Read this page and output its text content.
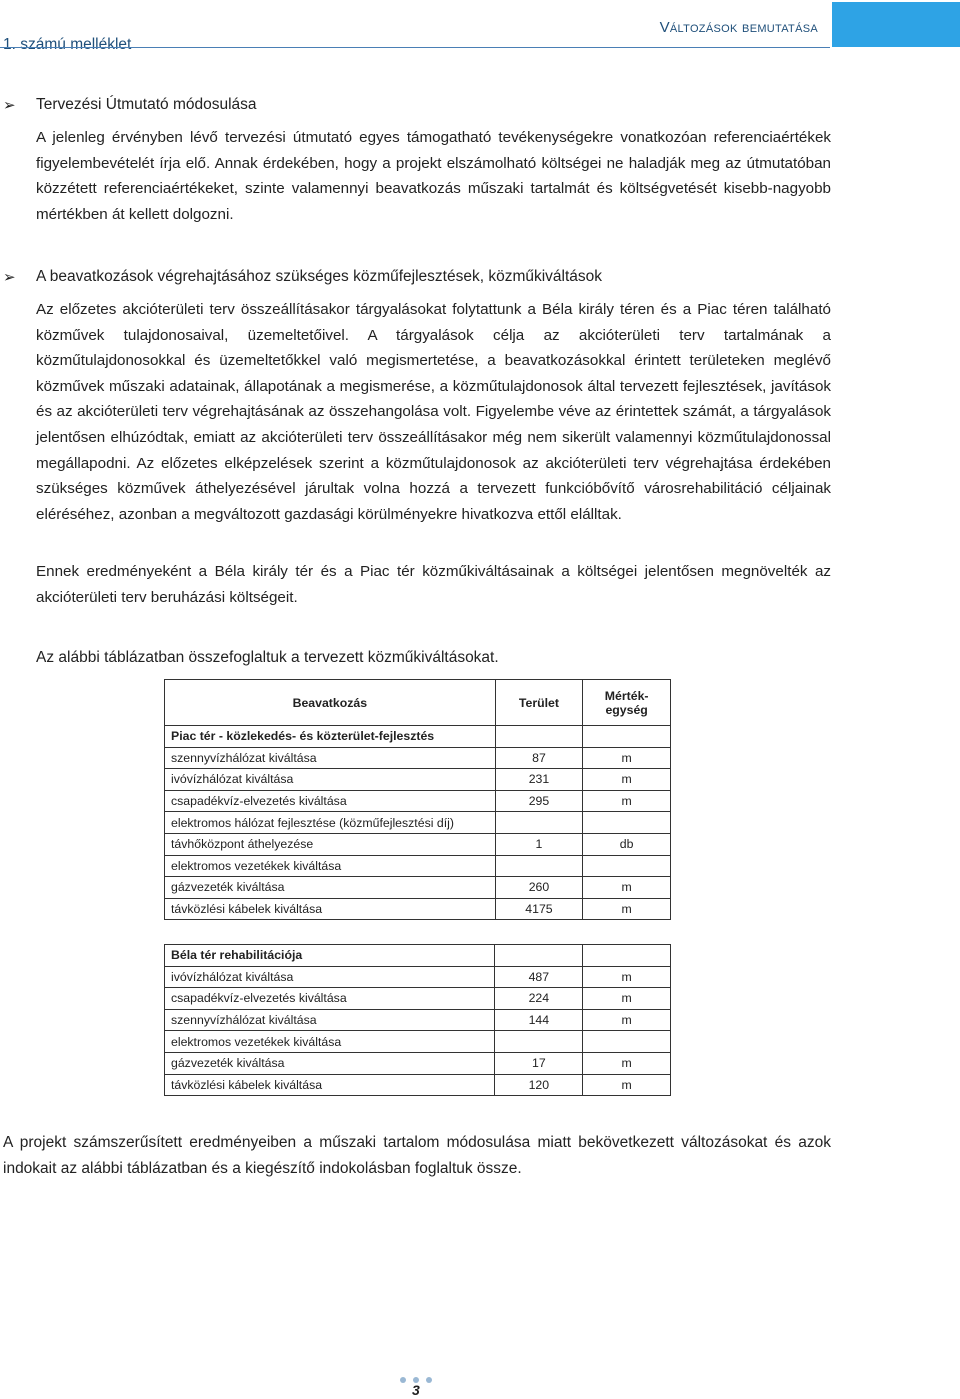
1. számú melléklet
Változások bemutatása
➢ Tervezési Útmutató módosulása

A jelenleg érvényben lévő tervezési útmutató egyes támogatható tevékenységekre vonatkozóan referenciaértékek figyelembevételét írja elő. Annak érdekében, hogy a projekt elszámolható költségei ne haladják meg az útmutatóban közzétett referenciaértékeket, szinte valamennyi beavatkozás műszaki tartalmát és költségvetését kisebb-nagyobb mértékben át kellett dolgozni.

➢ A beavatkozások végrehajtásához szükséges közműfejlesztések, közműkiváltások

Az előzetes akcióterületi terv összeállításakor tárgyalásokat folytattunk a Béla király téren és a Piac téren található közművek tulajdonosaival, üzemeltetőivel. A tárgyalások célja az akcióterületi terv tartalmának a közműtulajdonosokkal és üzemeltetőkkel való megismertetése, a beavatkozásokkal érintett területeken meglévő közművek műszaki adatainak, állapotának a megismerése, a közműtulajdonosok által tervezett fejlesztések, javítások és az akcióterületi terv végrehajtásának az összehangolása volt. Figyelembe véve az érintettek számát, a tárgyalások jelentősen elhúzódtak, emiatt az akcióterületi terv összeállításakor még nem sikerült valamennyi közműtulajdonossal megállapodni. Az előzetes elképzelések szerint a közműtulajdonosok az akcióterületi terv végrehajtása érdekében szükséges közművek áthelyezésével járultak volna hozzá a tervezett funkcióbővítő városrehabilitáció céljainak eléréséhez, azonban a megváltozott gazdasági körülményekre hivatkozva ettől elálltak.

Ennek eredményeként a Béla király tér és a Piac tér közműkiváltásainak a költségei jelentősen megnövelték az akcióterületi terv beruházási költségeit.

Az alábbi táblázatban összefoglaltuk a tervezett közműkiváltásokat.

Beavatkozás	Terület	Mérték-
egység
Piac tér - közlekedés- és közterület-fejlesztés		
szennyvízhálózat kiváltása	87	m
ivóvízhálózat kiváltása	231	m
csapadékvíz-elvezetés kiváltása	295	m
elektromos hálózat fejlesztése (közműfejlesztési díj)		
távhőközpont áthelyezése	1	db
elektromos vezetékek kiváltása		
gázvezeték kiváltása	260	m
távközlési kábelek kiváltása	4175	m
Béla tér rehabilitációja		
ivóvízhálózat kiváltása	487	m
csapadékvíz-elvezetés kiváltása	224	m
szennyvízhálózat kiváltása	144	m
elektromos vezetékek kiváltása		
gázvezeték kiváltása	17	m
távközlési kábelek kiváltása	120	m

A projekt számszerűsített eredményeiben a műszaki tartalom módosulása miatt bekövetkezett változásokat és azok indokait az alábbi táblázatban és a kiegészítő indokolásban foglaltuk össze.

3
